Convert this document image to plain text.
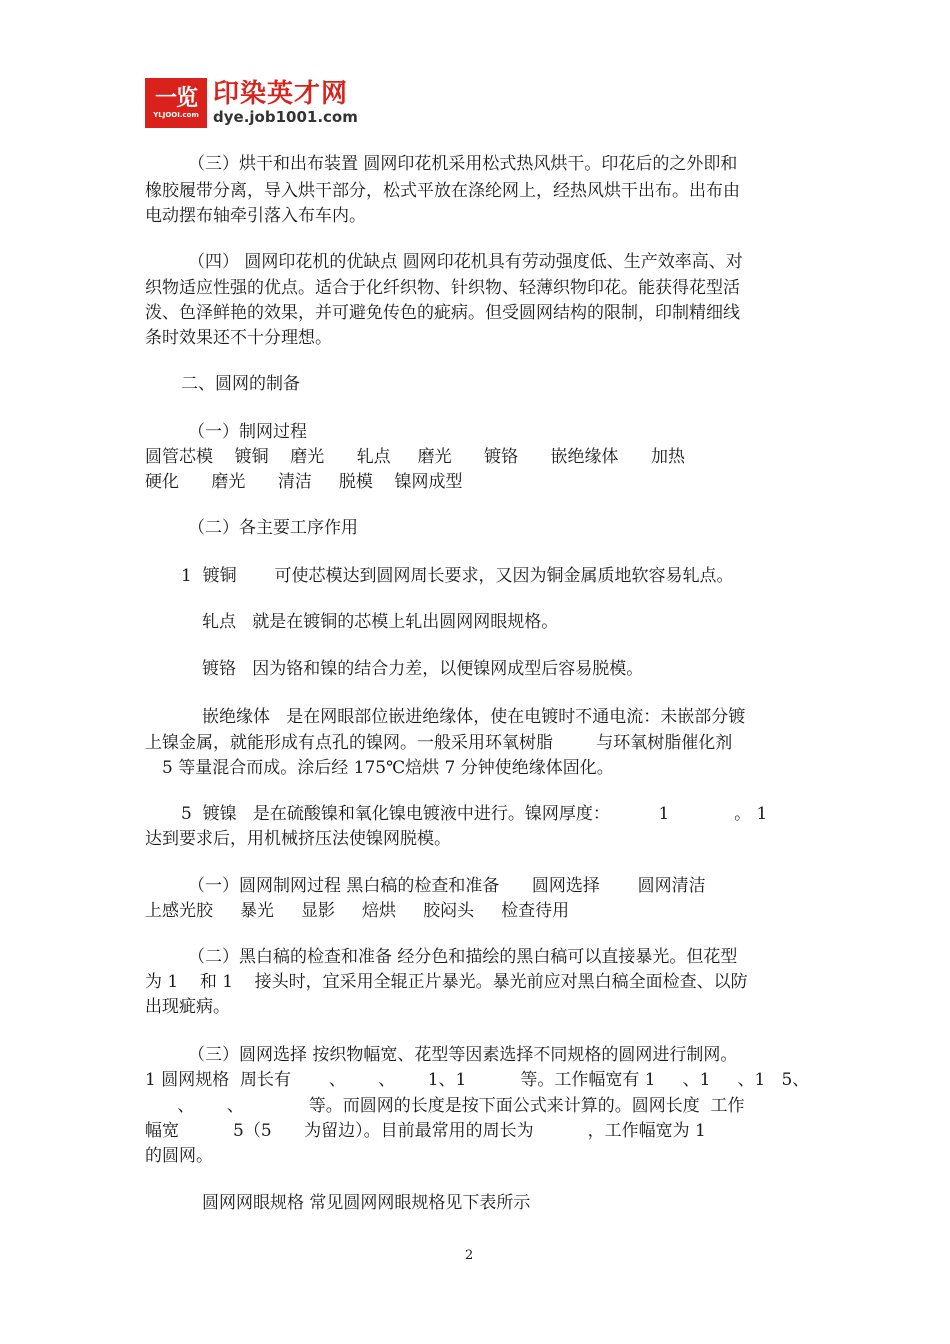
一览
YLJOOI.com
印染英才网
dye.job1001.com
（三）烘干和出布装置 圆网印花机采用松式热风烘干。印花后的之外即和
橡胶履带分离，导入烘干部分，松式平放在涤纶网上，经热风烘干出布。出布由
电动摆布轴牵引落入布车内。
（四） 圆网印花机的优缺点 圆网印花机具有劳动强度低、生产效率高、对
织物适应性强的优点。适合于化纤织物、针织物、轻薄织物印花。能获得花型活
泼、色泽鲜艳的效果，并可避免传色的疵病。但受圆网结构的限制，印制精细线
条时效果还不十分理想。
二、圆网的制备
（一）制网过程
圆管芯模    镀铜    磨光      轧点     磨光      镀铬      嵌绝缘体      加热
硬化      磨光      清洁     脱模    镍网成型
（二）各主要工序作用
1  镀铜       可使芯模达到圆网周长要求，又因为铜金属质地软容易轧点。
轧点   就是在镀铜的芯模上轧出圆网网眼规格。
镀铬   因为铬和镍的结合力差，以便镍网成型后容易脱模。
嵌绝缘体   是在网眼部位嵌进绝缘体，使在电镀时不通电流：未嵌部分镀
上镍金属，就能形成有点孔的镍网。一般采用环氧树脂        与环氧树脂催化剂
5 等量混合而成。涂后经 175℃焙烘 7 分钟使绝缘体固化。
5  镀镍   是在硫酸镍和氧化镍电镀液中进行。镍网厚度：         1            。 1
达到要求后，用机械挤压法使镍网脱模。
（一）圆网制网过程 黑白稿的检查和准备      圆网选择       圆网清洁
上感光胶     暴光     显影     焙烘     胶闷头     检查待用
（二）黑白稿的检查和准备 经分色和描绘的黑白稿可以直接暴光。但花型
为 1    和 1    接头时，宜采用全辊正片暴光。暴光前应对黑白稿全面检查、以防
出现疵病。
（三）圆网选择 按织物幅宽、花型等因素选择不同规格的圆网进行制网。
1 圆网规格  周长有       、      、      1、1          等。工作幅宽有 1     、1     、1   5、
、      、            等。而圆网的长度是按下面公式来计算的。圆网长度  工作
幅宽          5（5      为留边）。目前最常用的周长为          ，工作幅宽为 1
的圆网。
圆网网眼规格 常见圆网网眼规格见下表所示
2
